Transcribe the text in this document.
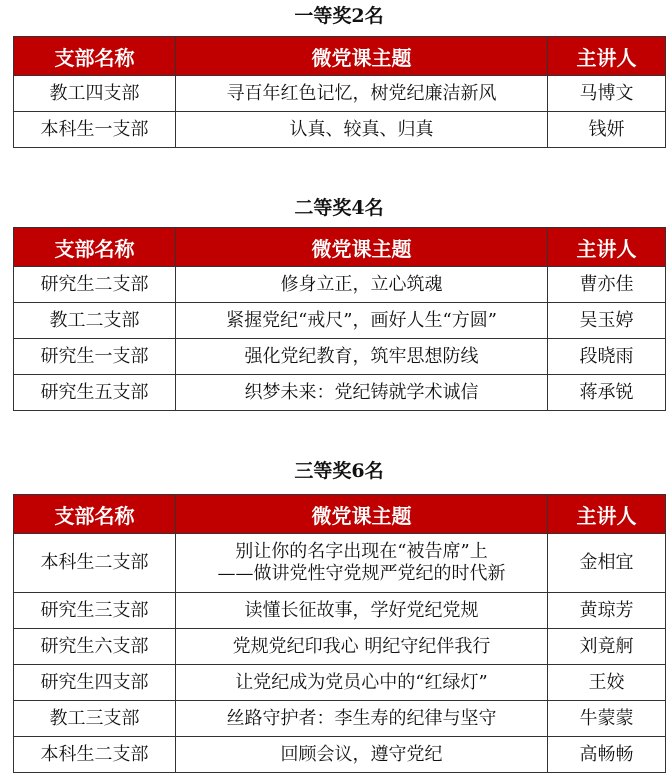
一等奖2名
支部名称	微党课主题	主讲人
教工四支部	寻百年红色记忆，树党纪廉洁新风	马博文
本科生一支部	认真、较真、归真	钱妍
二等奖4名
支部名称	微党课主题	主讲人
研究生二支部	修身立正，立心筑魂	曹亦佳
教工二支部	紧握党纪“戒尺”，画好人生“方圆”	吴玉婷
研究生一支部	强化党纪教育，筑牢思想防线	段晓雨
研究生五支部	织梦未来：党纪铸就学术诚信	蒋承锐
三等奖6名
支部名称	微党课主题	主讲人
本科生二支部	别让你的名字出现在“被告席”上
——做讲党性守党规严党纪的时代新	金相宜
研究生三支部	读懂长征故事，学好党纪党规	黄琼芳
研究生六支部	党规党纪印我心 明纪守纪伴我行	刘竟舸
研究生四支部	让党纪成为党员心中的“红绿灯”	王姣
教工三支部	丝路守护者：李生寿的纪律与坚守	牛蒙蒙
本科生二支部	回顾会议，遵守党纪	高畅畅
